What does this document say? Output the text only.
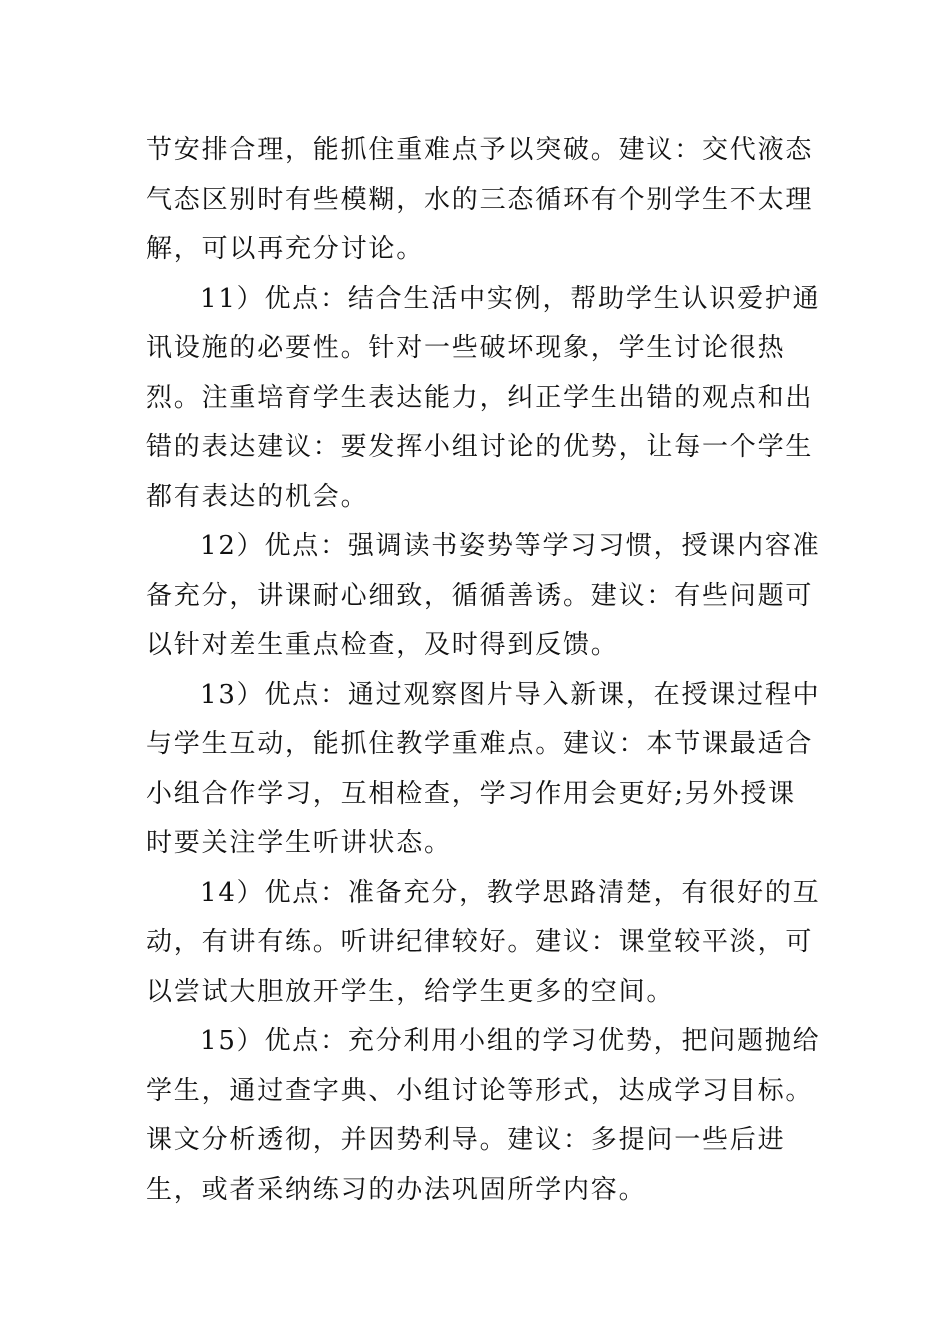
节安排合理，能抓住重难点予以突破。建议：交代液态气态区别时有些模糊，水的三态循环有个别学生不太理解，可以再充分讨论。

11）优点：结合生活中实例，帮助学生认识爱护通讯设施的必要性。针对一些破坏现象，学生讨论很热烈。注重培育学生表达能力，纠正学生出错的观点和出错的表达建议：要发挥小组讨论的优势，让每一个学生都有表达的机会。

12）优点：强调读书姿势等学习习惯，授课内容准备充分，讲课耐心细致，循循善诱。建议：有些问题可以针对差生重点检查，及时得到反馈。

13）优点：通过观察图片导入新课，在授课过程中与学生互动，能抓住教学重难点。建议：本节课最适合小组合作学习，互相检查，学习作用会更好;另外授课时要关注学生听讲状态。

14）优点：准备充分，教学思路清楚，有很好的互动，有讲有练。听讲纪律较好。建议：课堂较平淡，可以尝试大胆放开学生，给学生更多的空间。

15）优点：充分利用小组的学习优势，把问题抛给学生，通过查字典、小组讨论等形式，达成学习目标。课文分析透彻，并因势利导。建议：多提问一些后进生，或者采纳练习的办法巩固所学内容。
